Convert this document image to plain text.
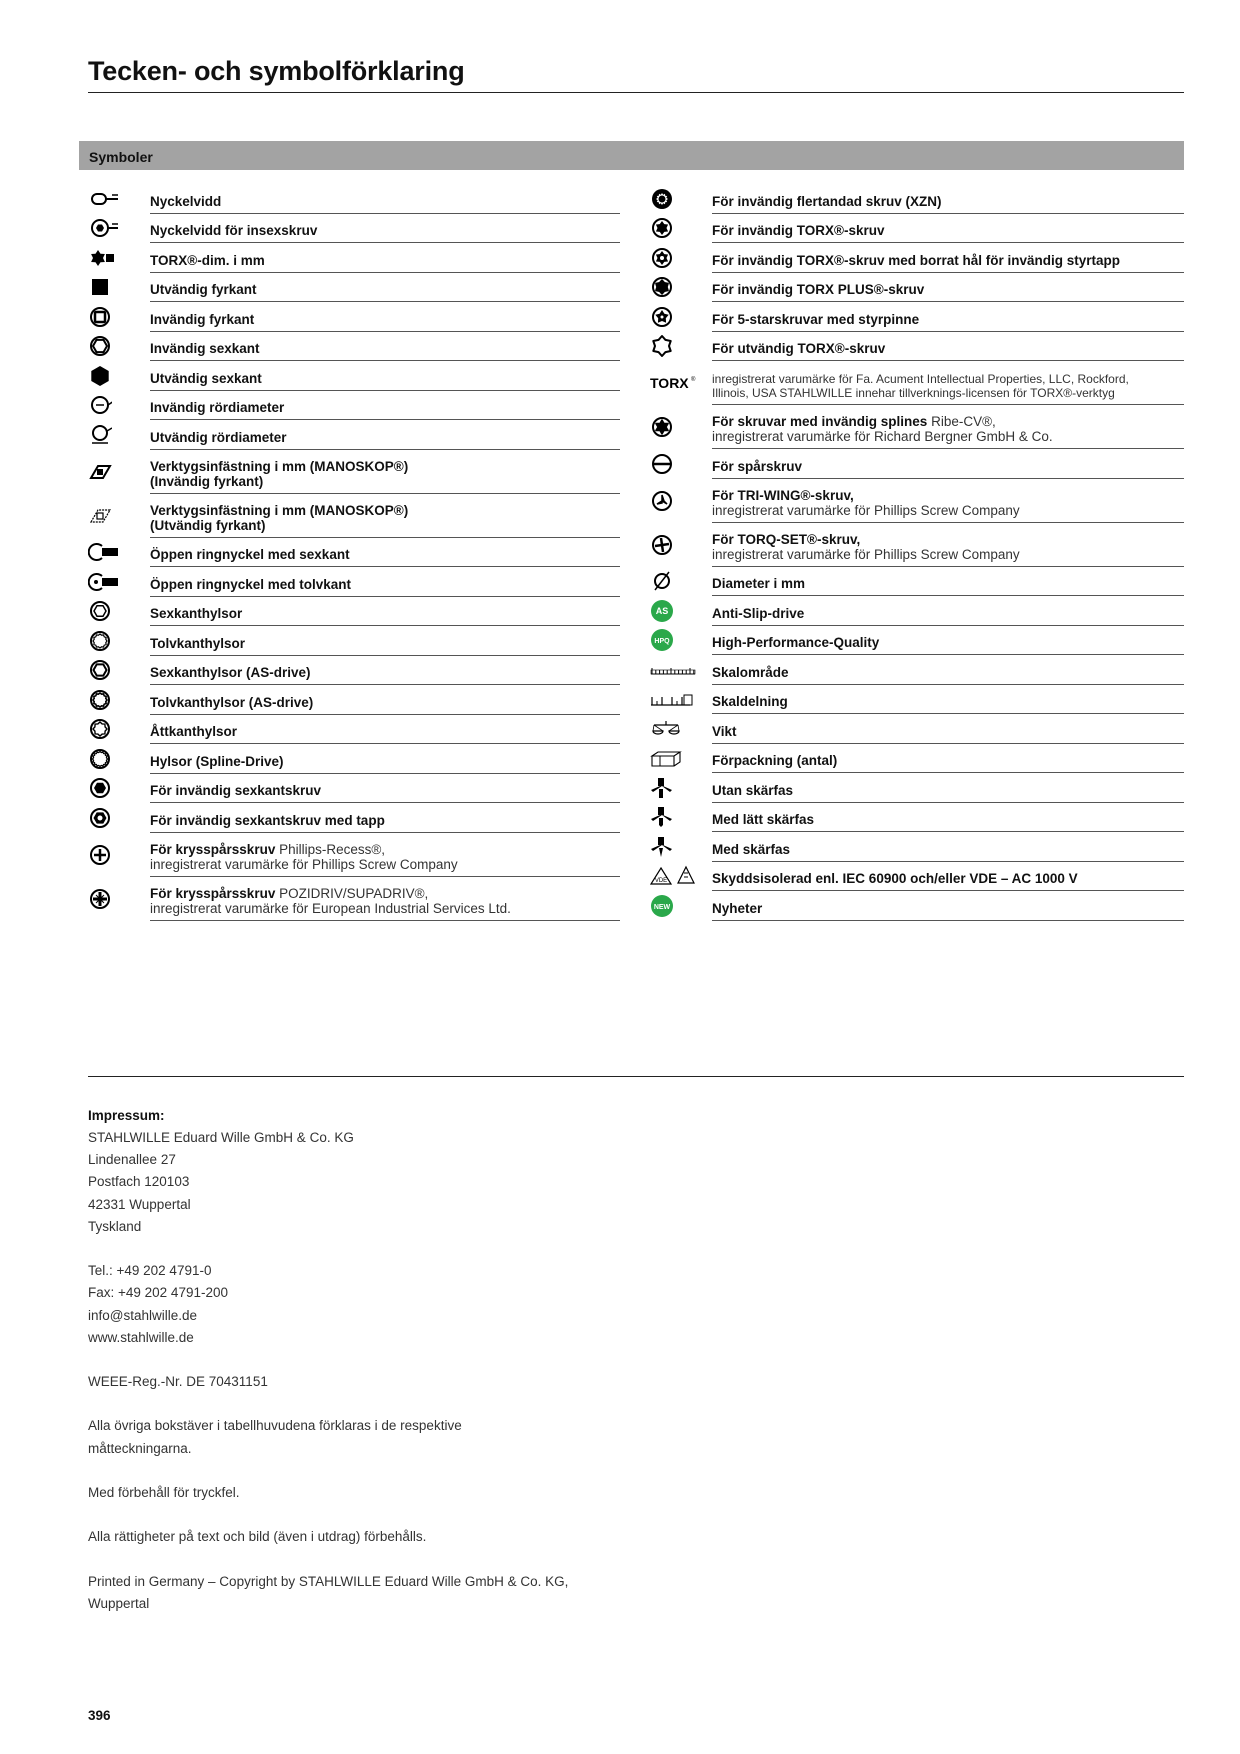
Tecken- och symbolförklaring
Symboler
Nyckelvidd
Nyckelvidd för insexskruv
TORX®-dim. i mm
Utvändig fyrkant
Invändig fyrkant
Invändig sexkant
Utvändig sexkant
Invändig rördiameter
Utvändig rördiameter
Verktygsinfästning i mm (MANOSKOP®)
(Invändig fyrkant)
Verktygsinfästning i mm (MANOSKOP®)
(Utvändig fyrkant)
Öppen ringnyckel med sexkant
Öppen ringnyckel med tolvkant
Sexkanthylsor
Tolvkanthylsor
Sexkanthylsor (AS-drive)
Tolvkanthylsor (AS-drive)
Åttkanthylsor
Hylsor (Spline-Drive)
För invändig sexkantskruv
För invändig sexkantskruv med tapp
För krysspårsskruv Phillips-Recess®,
inregistrerat varumärke för Phillips Screw Company
För krysspårsskruv POZIDRIV/SUPADRIV®,
inregistrerat varumärke för European Industrial Services Ltd.
För invändig flertandad skruv (XZN)
För invändig TORX®-skruv
För invändig TORX®-skruv med borrat hål för invändig styrtapp
För invändig TORX PLUS®-skruv
För 5-starskruvar med styrpinne
För utvändig TORX®-skruv
TORX ® inregistrerat varumärke för Fa. Acument Intellectual Properties, LLC, Rockford,
Illinois, USA STAHLWILLE innehar tillverknings-licensen för TORX®-verktyg
För skruvar med invändig splines Ribe-CV®,
inregistrerat varumärke för Richard Bergner GmbH & Co.
För spårskruv
För TRI-WING®-skruv,
inregistrerat varumärke för Phillips Screw Company
För TORQ-SET®-skruv,
inregistrerat varumärke för Phillips Screw Company
Diameter i mm
AS	Anti-Slip-drive
HPQ	High-Performance-Quality
Skalområde
Skaldelning
Vikt
Förpackning (antal)
Utan skärfas
Med lätt skärfas
Med skärfas
VDE	Skyddsisolerad enl. IEC 60900 och/eller VDE – AC 1000 V
NEW	Nyheter
Impressum:
STAHLWILLE Eduard Wille GmbH & Co. KG
Lindenallee 27
Postfach 120103
42331 Wuppertal
Tyskland
Tel.: +49 202 4791-0
Fax: +49 202 4791-200
info@stahlwille.de
www.stahlwille.de
WEEE-Reg.-Nr. DE 70431151
Alla övriga bokstäver i tabellhuvudena förklaras i de respektive
måtteckningarna.
Med förbehåll för tryckfel.
Alla rättigheter på text och bild (även i utdrag) förbehålls.
Printed in Germany – Copyright by STAHLWILLE Eduard Wille GmbH & Co. KG,
Wuppertal
396
